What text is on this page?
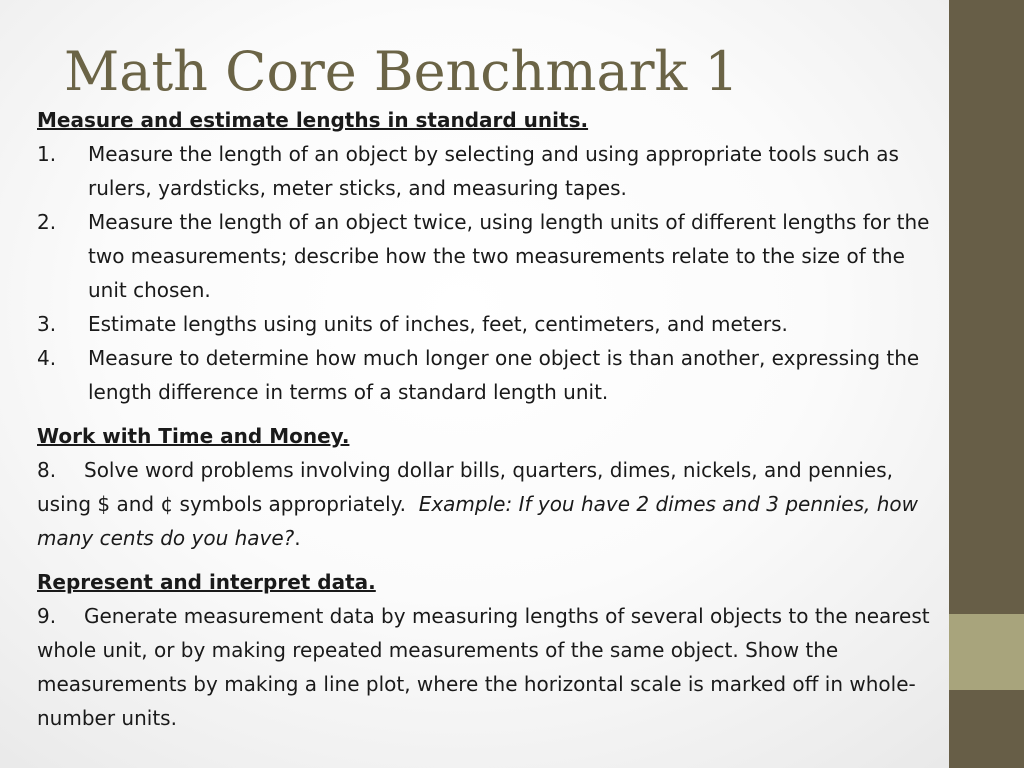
Math Core Benchmark 1
Measure and estimate lengths in standard units.
1.	Measure the length of an object by selecting and using appropriate tools such as rulers, yardsticks, meter sticks, and measuring tapes.
2.	Measure the length of an object twice, using length units of different lengths for the two measurements; describe how the two measurements relate to the size of the unit chosen.
3.	Estimate lengths using units of inches, feet, centimeters, and meters.
4.	Measure to determine how much longer one object is than another, expressing the length difference in terms of a standard length unit.
Work with Time and Money.
8. Solve word problems involving dollar bills, quarters, dimes, nickels, and pennies, using $ and ¢ symbols appropriately. Example: If you have 2 dimes and 3 pennies, how many cents do you have?.
Represent and interpret data.
9. Generate measurement data by measuring lengths of several objects to the nearest whole unit, or by making repeated measurements of the same object. Show the measurements by making a line plot, where the horizontal scale is marked off in whole-number units.
